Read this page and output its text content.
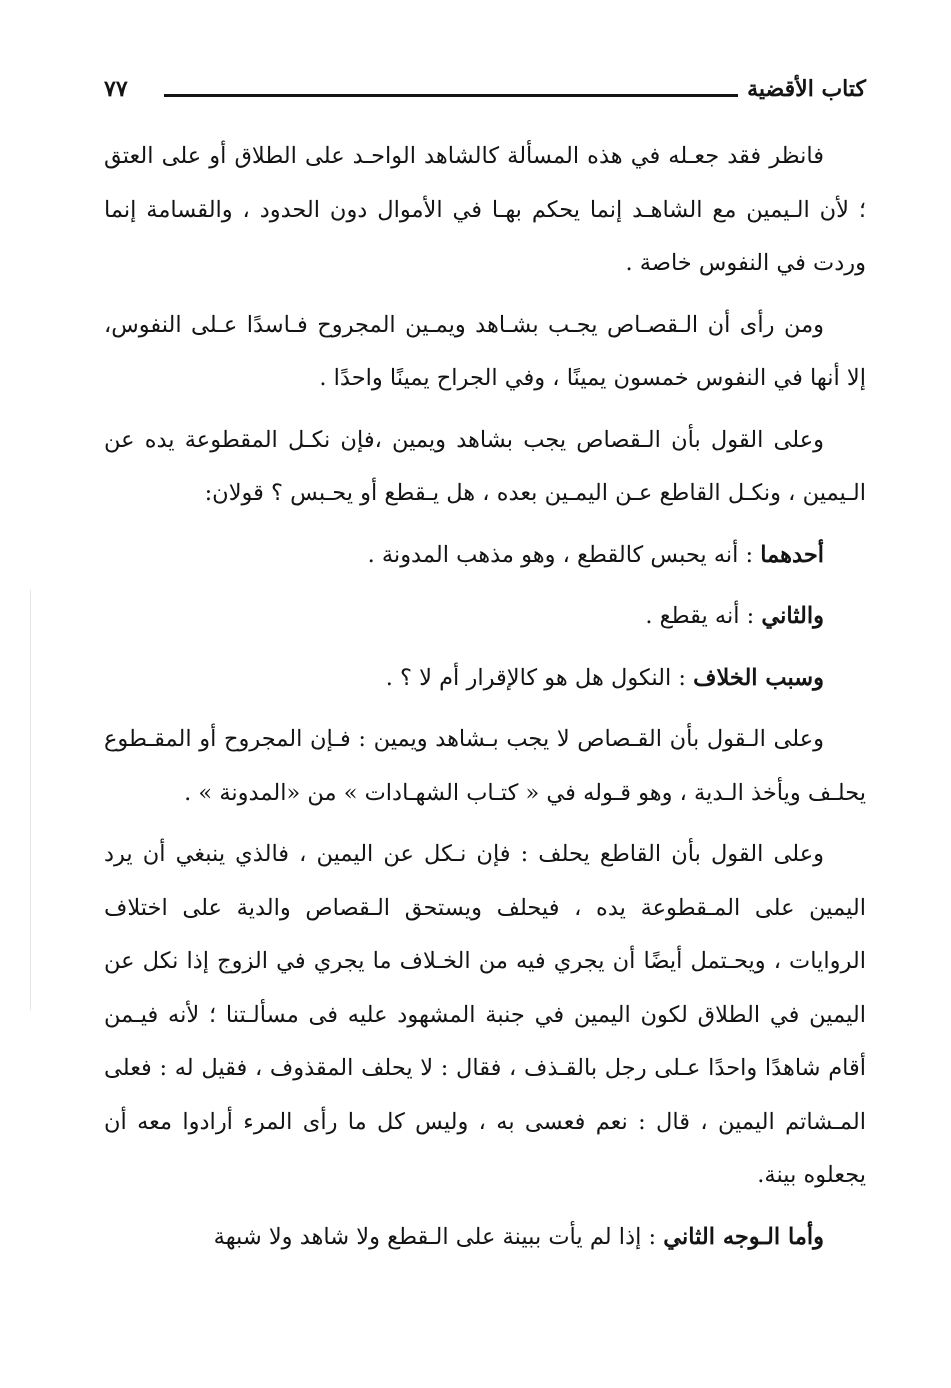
كتاب الأقضية
٧٧

فانظر فقد جعـله في هذه المسألة كالشاهد الواحـد على الطلاق أو على العتق ؛ لأن الـيمين مع الشاهـد إنما يحكم بهـا في الأموال دون الحدود ، والقسامة إنما وردت في النفوس خاصة .

ومن رأى أن الـقصـاص يجـب بشـاهد ويمـين المجروح فـاسدًا عـلى النفوس، إلا أنها في النفوس خمسون يمينًا ، وفي الجراح يمينًا واحدًا .

وعلى القول بأن الـقصاص يجب بشاهد ويمين ،فإن نكـل المقطوعة يده عن الـيمين ، ونكـل القاطع عـن اليمـين بعده ، هل يـقطع أو يحـبس ؟ قولان:

أحدهما : أنه يحبس كالقطع ، وهو مذهب المدونة .

والثاني : أنه يقطع .

وسبب الخلاف : النكول هل هو كالإقرار أم لا ؟ .

وعلى الـقول بأن القـصاص لا يجب بـشاهد ويمين : فـإن المجروح أو المقـطوع يحلـف ويأخذ الـدية ، وهو قـوله في « كتـاب الشهـادات » من «المدونة » .

وعلى القول بأن القاطع يحلف : فإن نـكل عن اليمين ، فالذي ينبغي أن يرد اليمين على المـقطوعة يده ، فيحلف ويستحق الـقصاص والدية على اختلاف الروايات ، ويحـتمل أيضًا أن يجري فيه من الخـلاف ما يجري في الزوج إذا نكل عن اليمين في الطلاق لكون اليمين في جنبة المشهود عليه فى مسألـتنا ؛ لأنه فيـمن أقام شاهدًا واحدًا عـلى رجل بالقـذف ، فقال : لا يحلف المقذوف ، فقيل له : فعلى المـشاتم اليمين ، قال : نعم فعسى به ، وليس كل ما رأى المرء أرادوا معه أن يجعلوه بينة.

وأما الـوجه الثاني : إذا لم يأت ببينة على الـقطع ولا شاهد ولا شبهة
